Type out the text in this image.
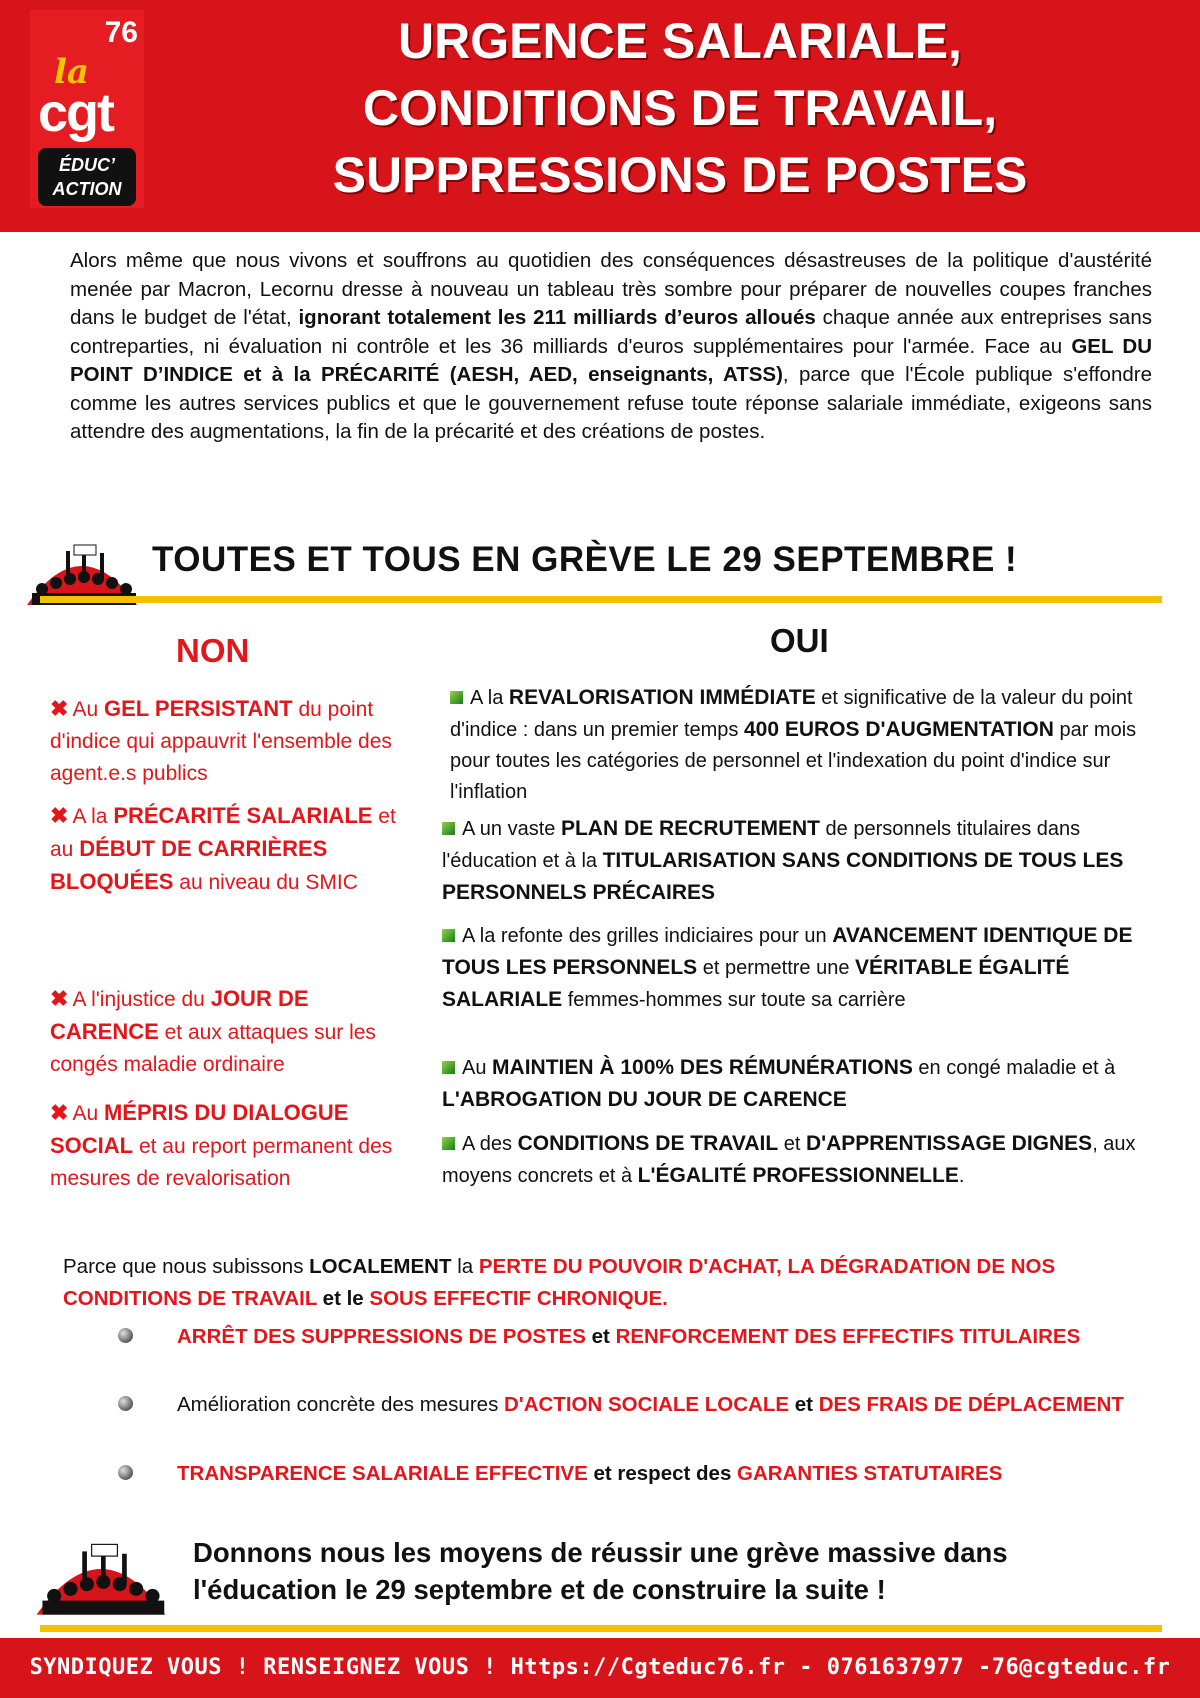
76
la
cgt
ÉDUC’
ACTION
URGENCE SALARIALE,
CONDITIONS DE TRAVAIL,
SUPPRESSIONS DE POSTES
Alors même que nous vivons et souffrons au quotidien des conséquences désastreuses de la politique d'austérité menée par Macron, Lecornu dresse à nouveau un tableau très sombre pour préparer de nouvelles coupes franches dans le budget de l'état, ignorant totalement les 211 milliards d’euros alloués chaque année aux entreprises sans contreparties, ni évaluation ni contrôle et les 36 milliards d'euros supplémentaires pour l'armée. Face au GEL DU POINT D’INDICE et à la PRÉCARITÉ (AESH, AED, enseignants, ATSS), parce que l'École publique s'effondre comme les autres services publics et que le gouvernement refuse toute réponse salariale immédiate, exigeons sans attendre des augmentations, la fin de la précarité et des créations de postes.
TOUTES ET TOUS EN GRÈVE LE 29 SEPTEMBRE !
NON
✖ Au GEL PERSISTANT du point d'indice qui appauvrit l'ensemble des agent.e.s publics
✖ A la PRÉCARITÉ SALARIALE et au DÉBUT DE CARRIÈRES BLOQUÉES au niveau du SMIC
✖ A l'injustice du JOUR DE CARENCE et aux attaques sur les congés maladie ordinaire
✖ Au MÉPRIS DU DIALOGUE SOCIAL et au report permanent des mesures de revalorisation
OUI
A la REVALORISATION IMMÉDIATE et significative de la valeur du point d'indice : dans un premier temps 400 EUROS D'AUGMENTATION par mois pour toutes les catégories de personnel et l'indexation du point d'indice sur l'inflation
A un vaste PLAN DE RECRUTEMENT de personnels titulaires dans l'éducation et à la TITULARISATION SANS CONDITIONS DE TOUS LES PERSONNELS PRÉCAIRES
A la refonte des grilles indiciaires pour un AVANCEMENT IDENTIQUE DE TOUS LES PERSONNELS et permettre une VÉRITABLE ÉGALITÉ SALARIALE femmes-hommes sur toute sa carrière
Au MAINTIEN À 100% DES RÉMUNÉRATIONS en congé maladie et à L'ABROGATION DU JOUR DE CARENCE
A des CONDITIONS DE TRAVAIL et D'APPRENTISSAGE DIGNES, aux moyens concrets et à L'ÉGALITÉ PROFESSIONNELLE.
Parce que nous subissons LOCALEMENT la PERTE DU POUVOIR D'ACHAT, LA DÉGRADATION DE NOS CONDITIONS DE TRAVAIL et le SOUS EFFECTIF CHRONIQUE.
ARRÊT DES SUPPRESSIONS DE POSTES et RENFORCEMENT DES EFFECTIFS TITULAIRES
Amélioration concrète des mesures D'ACTION SOCIALE LOCALE et DES FRAIS DE DÉPLACEMENT
TRANSPARENCE SALARIALE EFFECTIVE et respect des GARANTIES STATUTAIRES
Donnons nous les moyens de réussir une grève massive dans
l'éducation le 29 septembre et de construire la suite !
SYNDIQUEZ VOUS ! RENSEIGNEZ VOUS ! Https://Cgteduc76.fr - 0761637977 -76@cgteduc.fr
